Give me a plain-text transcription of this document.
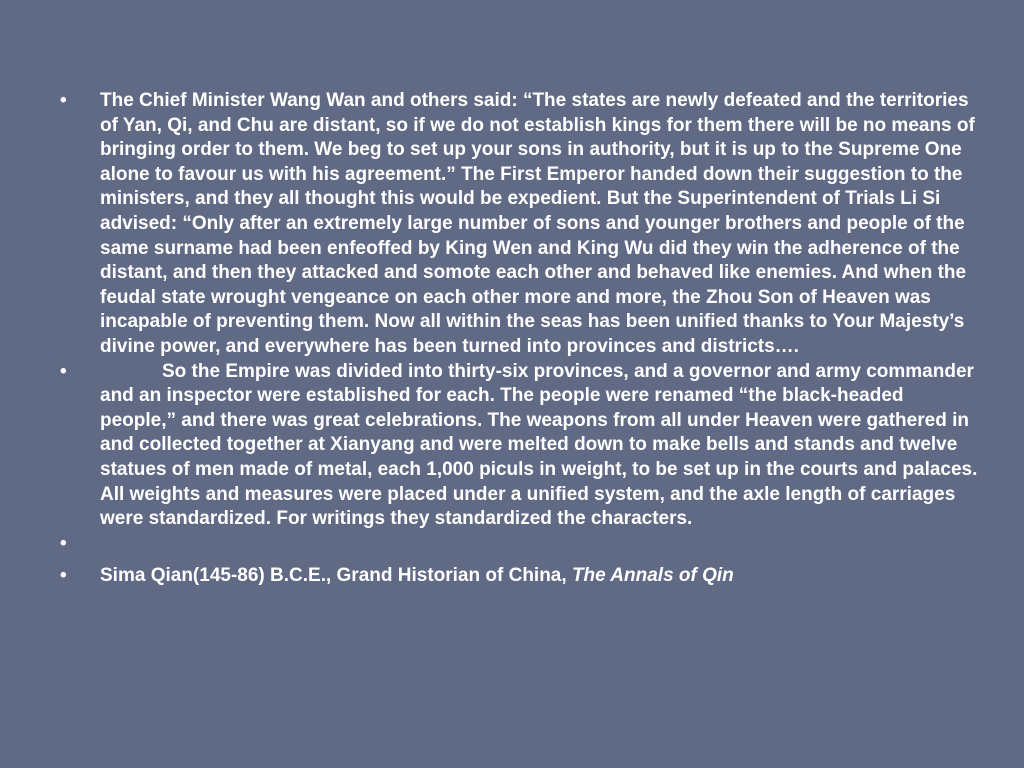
• The Chief Minister Wang Wan and others said: “The states are newly defeated and the territories of Yan, Qi, and Chu are distant, so if we do not establish kings for them there will be no means of bringing order to them. We beg to set up your sons in authority, but it is up to the Supreme One alone to favour us with his agreement.” The First Emperor handed down their suggestion to the ministers, and they all thought this would be expedient. But the Superintendent of Trials Li Si advised: “Only after an extremely large number of sons and younger brothers and people of the same surname had been enfeoffed by King Wen and King Wu did they win the adherence of the distant, and then they attacked and somote each other and behaved like enemies. And when the feudal state wrought vengeance on each other more and more, the Zhou Son of Heaven was incapable of preventing them. Now all within the seas has been unified thanks to Your Majesty’s divine power, and everywhere has been turned into provinces and districts….
•	So the Empire was divided into thirty-six provinces, and a governor and army commander and an inspector were established for each. The people were renamed “the black-headed people,” and there was great celebrations. The weapons from all under Heaven were gathered in and collected together at Xianyang and were melted down to make bells and stands and twelve statues of men made of metal, each 1,000 piculs in weight, to be set up in the courts and palaces. All weights and measures were placed under a unified system, and the axle length of carriages were standardized. For writings they standardized the characters.
•
• Sima Qian(145-86) B.C.E., Grand Historian of China, The Annals of Qin
